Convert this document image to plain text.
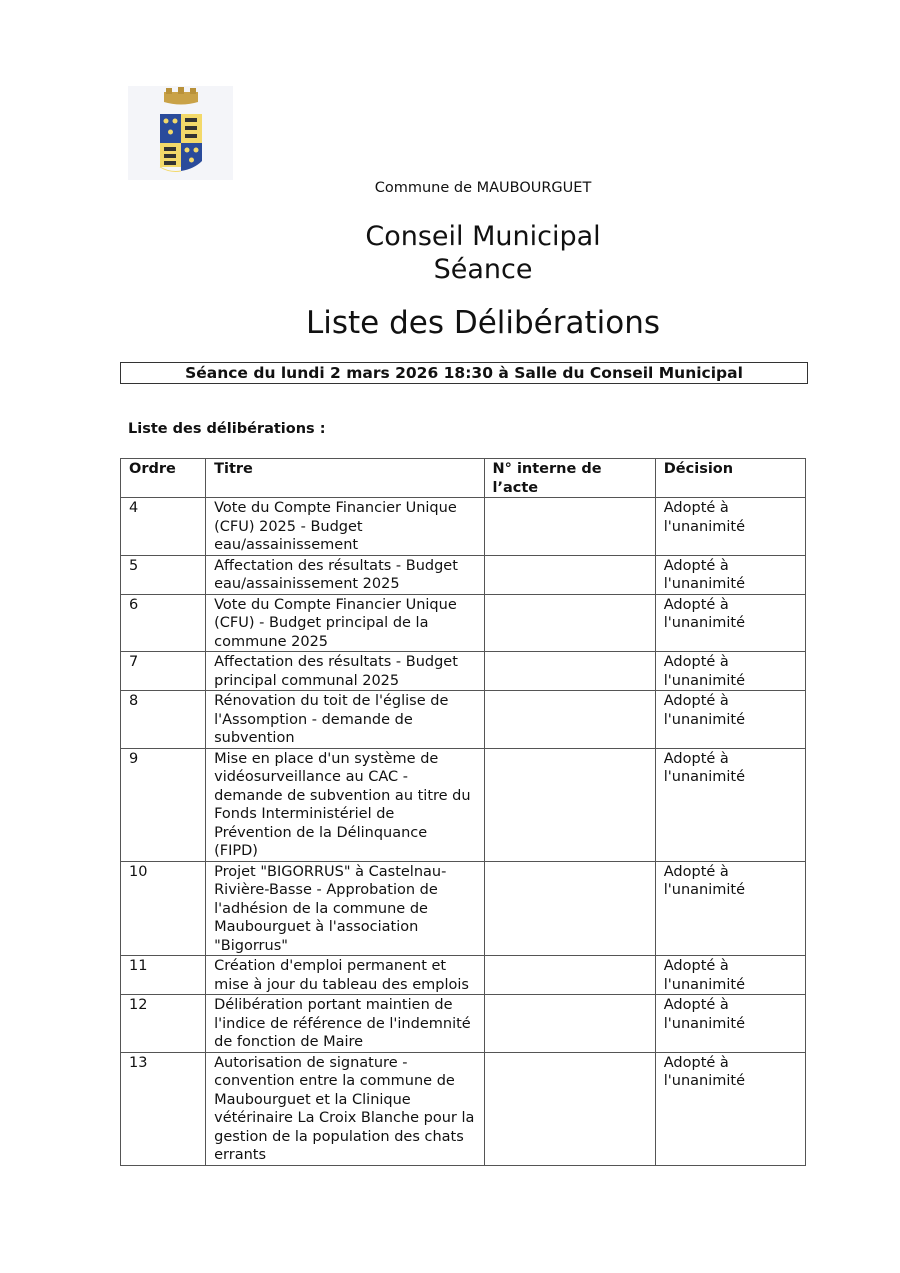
Commune de MAUBOURGUET
Conseil Municipal
Séance
Liste des Délibérations
Séance du lundi 2 mars 2026 18:30 à Salle du Conseil Municipal
Liste des délibérations :
Ordre	Titre	N° interne de l’acte	Décision
4	Vote du Compte Financier Unique (CFU) 2025 - Budget eau/assainissement		Adopté à l'unanimité
5	Affectation des résultats - Budget eau/assainissement 2025		Adopté à l'unanimité
6	Vote du Compte Financier Unique (CFU) - Budget principal de la commune 2025		Adopté à l'unanimité
7	Affectation des résultats - Budget principal communal 2025		Adopté à l'unanimité
8	Rénovation du toit de l'église de l'Assomption - demande de subvention		Adopté à l'unanimité
9	Mise en place d'un système de vidéosurveillance au CAC - demande de subvention au titre du Fonds Interministériel de Prévention de la Délinquance (FIPD)		Adopté à l'unanimité
10	Projet "BIGORRUS" à Castelnau-Rivière-Basse - Approbation de l'adhésion de la commune de Maubourguet à l'association "Bigorrus"		Adopté à l'unanimité
11	Création d'emploi permanent et mise à jour du tableau des emplois		Adopté à l'unanimité
12	Délibération portant maintien de l'indice de référence de l'indemnité de fonction de Maire		Adopté à l'unanimité
13	Autorisation de signature - convention entre la commune de Maubourguet et la Clinique vétérinaire La Croix Blanche pour la gestion de la population des chats errants		Adopté à l'unanimité
